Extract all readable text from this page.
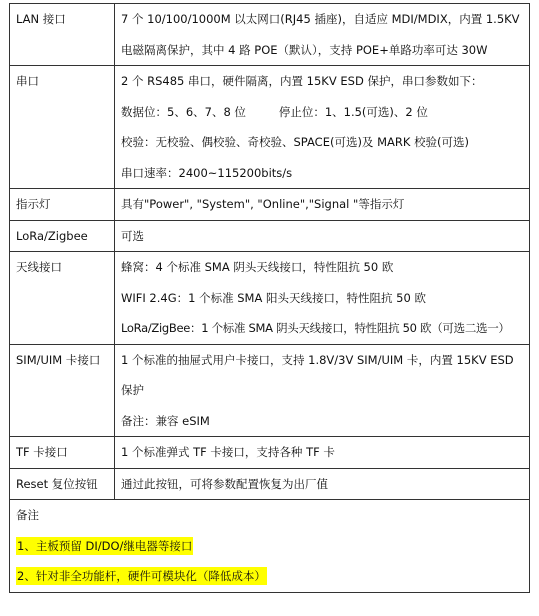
LAN 接口	7 个 10/100/1000M 以太网口(RJ45 插座)，自适应 MDI/MDIX，内置 1.5KV
电磁隔离保护，其中 4 路 POE（默认），支持 POE+单路功率可达 30W

串口	2 个 RS485 串口，硬件隔离，内置 15KV ESD 保护，串口参数如下：
数据位：5、6、7、8 位         停止位：1、1.5(可选)、2 位
校验：无校验、偶校验、奇校验、SPACE(可选)及 MARK 校验(可选)
串口速率：2400~115200bits/s

指示灯	具有"Power", "System", "Online","Signal "等指示灯

LoRa/Zigbee	可选

天线接口	蜂窝：4 个标准 SMA 阴头天线接口，特性阻抗 50 欧
WIFI 2.4G：1 个标准 SMA 阳头天线接口，特性阻抗 50 欧
LoRa/ZigBee：1 个标准 SMA 阴头天线接口，特性阻抗 50 欧（可选二选一）

SIM/UIM 卡接口	1 个标准的抽屉式用户卡接口，支持 1.8V/3V SIM/UIM 卡，内置 15KV ESD
保护
备注：兼容 eSIM

TF 卡接口	1 个标准弹式 TF 卡接口，支持各种 TF 卡

Reset 复位按钮	通过此按钮，可将参数配置恢复为出厂值

备注
1、主板预留 DI/DO/继电器等接口
2、针对非全功能杆，硬件可模块化（降低成本）	
